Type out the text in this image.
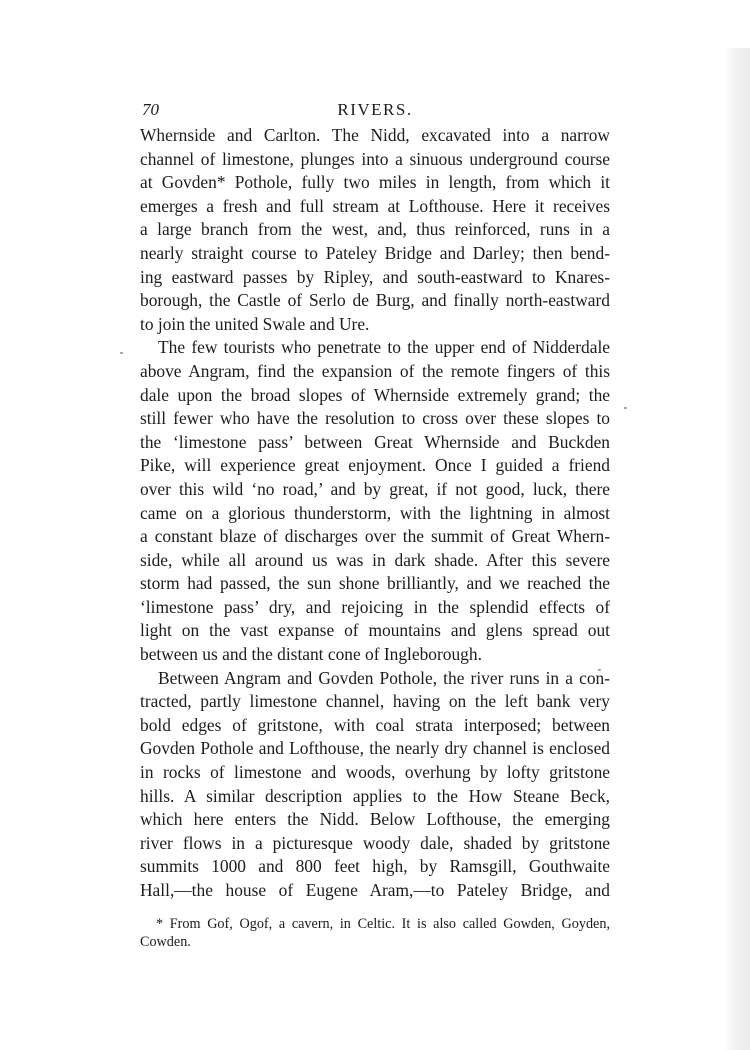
70	RIVERS.
Whernside and Carlton. The Nidd, excavated into a narrow
channel of limestone, plunges into a sinuous underground course
at Govden* Pothole, fully two miles in length, from which it
emerges a fresh and full stream at Lofthouse. Here it receives
a large branch from the west, and, thus reinforced, runs in a
nearly straight course to Pateley Bridge and Darley; then bend-
ing eastward passes by Ripley, and south-eastward to Knares-
borough, the Castle of Serlo de Burg, and finally north-eastward
to join the united Swale and Ure.
The few tourists who penetrate to the upper end of Nidderdale
above Angram, find the expansion of the remote fingers of this
dale upon the broad slopes of Whernside extremely grand; the
still fewer who have the resolution to cross over these slopes to
the ‘limestone pass’ between Great Whernside and Buckden
Pike, will experience great enjoyment. Once I guided a friend
over this wild ‘no road,’ and by great, if not good, luck, there
came on a glorious thunderstorm, with the lightning in almost
a constant blaze of discharges over the summit of Great Whern-
side, while all around us was in dark shade. After this severe
storm had passed, the sun shone brilliantly, and we reached the
‘limestone pass’ dry, and rejoicing in the splendid effects of
light on the vast expanse of mountains and glens spread out
between us and the distant cone of Ingleborough.
Between Angram and Govden Pothole, the river runs in a con-
tracted, partly limestone channel, having on the left bank very
bold edges of gritstone, with coal strata interposed; between
Govden Pothole and Lofthouse, the nearly dry channel is enclosed
in rocks of limestone and woods, overhung by lofty gritstone
hills. A similar description applies to the How Steane Beck,
which here enters the Nidd. Below Lofthouse, the emerging
river flows in a picturesque woody dale, shaded by gritstone
summits 1000 and 800 feet high, by Ramsgill, Gouthwaite
Hall,—the house of Eugene Aram,—to Pateley Bridge, and
* From Gof, Ogof, a cavern, in Celtic. It is also called Gowden, Goyden,
Cowden.
